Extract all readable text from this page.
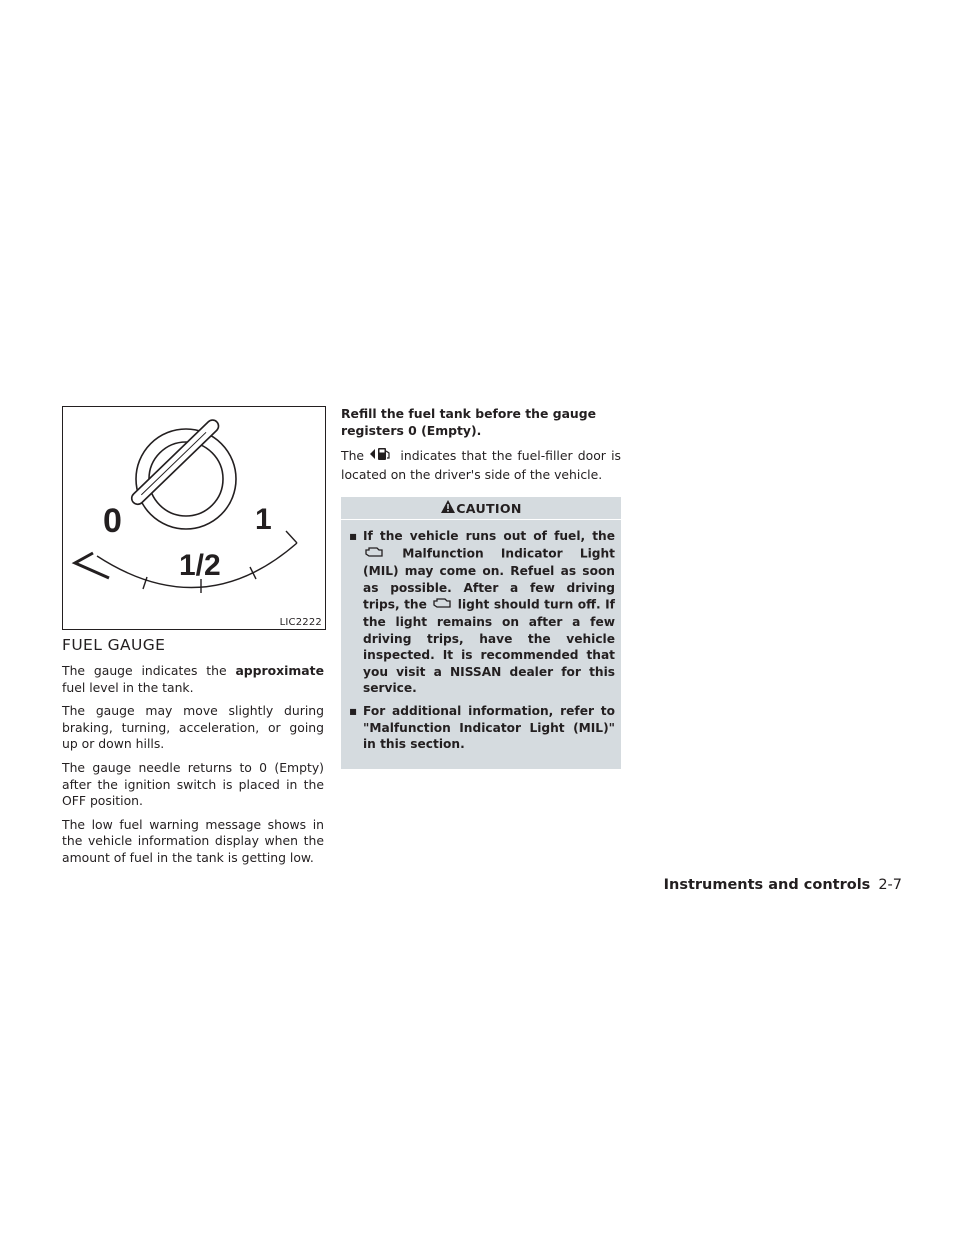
0
1/2
1
LIC2222
FUEL GAUGE

The gauge indicates the approximate fuel level in the tank.

The gauge may move slightly during braking, turning, acceleration, or going up or down hills.

The gauge needle returns to 0 (Empty) after the ignition switch is placed in the OFF position.

The low fuel warning message shows in the vehicle information display when the amount of fuel in the tank is getting low.

Refill the fuel tank before the gauge registers 0 (Empty).

The  indicates that the fuel-filler door is located on the driver's side of the vehicle.

CAUTION
▪ If the vehicle runs out of fuel, the  Malfunction Indicator Light (MIL) may come on. Refuel as soon as possible. After a few driving trips, the  light should turn off. If the light remains on after a few driving trips, have the vehicle inspected. It is recommended that you visit a NISSAN dealer for this service.
▪ For additional information, refer to "Malfunction Indicator Light (MIL)" in this section.
Instruments and controls 2-7
